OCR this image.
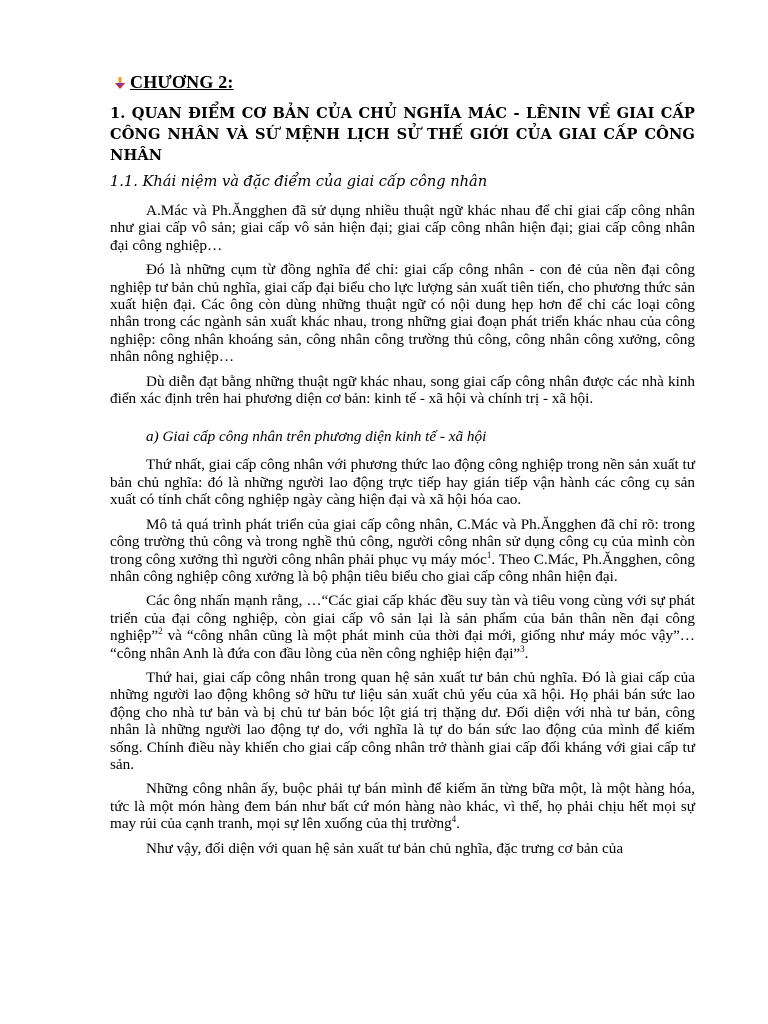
CHƯƠNG 2:
1. QUAN ĐIỂM CƠ BẢN CỦA CHỦ NGHĨA MÁC - LÊNIN VỀ GIAI CẤP CÔNG NHÂN VÀ SỨ MỆNH LỊCH SỬ THẾ GIỚI CỦA GIAI CẤP CÔNG NHÂN
1.1. Khái niệm và đặc điểm của giai cấp công nhân

A.Mác và Ph.Ăngghen đã sử dụng nhiều thuật ngữ khác nhau để chỉ giai cấp công nhân như giai cấp vô sản; giai cấp vô sản hiện đại; giai cấp công nhân hiện đại; giai cấp công nhân đại công nghiệp…

Đó là những cụm từ đồng nghĩa để chỉ: giai cấp công nhân - con đẻ của nền đại công nghiệp tư bản chủ nghĩa, giai cấp đại biểu cho lực lượng sản xuất tiên tiến, cho phương thức sản xuất hiện đại. Các ông còn dùng những thuật ngữ có nội dung hẹp hơn để chỉ các loại công nhân trong các ngành sản xuất khác nhau, trong những giai đoạn phát triển khác nhau của công nghiệp: công nhân khoáng sản, công nhân công trường thủ công, công nhân công xưởng, công nhân nông nghiệp…

Dù diễn đạt bằng những thuật ngữ khác nhau, song giai cấp công nhân được các nhà kinh điển xác định trên hai phương diện cơ bản: kinh tế - xã hội và chính trị - xã hội.

a) Giai cấp công nhân trên phương diện kinh tế - xã hội

Thứ nhất, giai cấp công nhân với phương thức lao động công nghiệp trong nền sản xuất tư bản chủ nghĩa: đó là những người lao động trực tiếp hay gián tiếp vận hành các công cụ sản xuất có tính chất công nghiệp ngày càng hiện đại và xã hội hóa cao.

Mô tả quá trình phát triển của giai cấp công nhân, C.Mác và Ph.Ăngghen đã chỉ rõ: trong công trường thủ công và trong nghề thủ công, người công nhân sử dụng công cụ của mình còn trong công xưởng thì người công nhân phải phục vụ máy móc$^1$. Theo C.Mác, Ph.Ăngghen, công nhân công nghiệp công xưởng là bộ phận tiêu biểu cho giai cấp công nhân hiện đại.

Các ông nhấn mạnh rằng, …“Các giai cấp khác đều suy tàn và tiêu vong cùng với sự phát triển của đại công nghiệp, còn giai cấp vô sản lại là sản phẩm của bản thân nền đại công nghiệp”$^2$ và “công nhân cũng là một phát minh của thời đại mới, giống như máy móc vậy”… “công nhân Anh là đứa con đầu lòng của nền công nghiệp hiện đại”$^3$.

Thứ hai, giai cấp công nhân trong quan hệ sản xuất tư bản chủ nghĩa. Đó là giai cấp của những người lao động không sở hữu tư liệu sản xuất chủ yếu của xã hội. Họ phải bán sức lao động cho nhà tư bản và bị chủ tư bản bóc lột giá trị thặng dư. Đối diện với nhà tư bản, công nhân là những người lao động tự do, với nghĩa là tự do bán sức lao động của mình để kiếm sống. Chính điều này khiến cho giai cấp công nhân trở thành giai cấp đối kháng với giai cấp tư sản.

Những công nhân ấy, buộc phải tự bán mình để kiếm ăn từng bữa một, là một hàng hóa, tức là một món hàng đem bán như bất cứ món hàng nào khác, vì thế, họ phải chịu hết mọi sự may rủi của cạnh tranh, mọi sự lên xuống của thị trường$^4$.

Như vậy, đối diện với quan hệ sản xuất tư bản chủ nghĩa, đặc trưng cơ bản của
